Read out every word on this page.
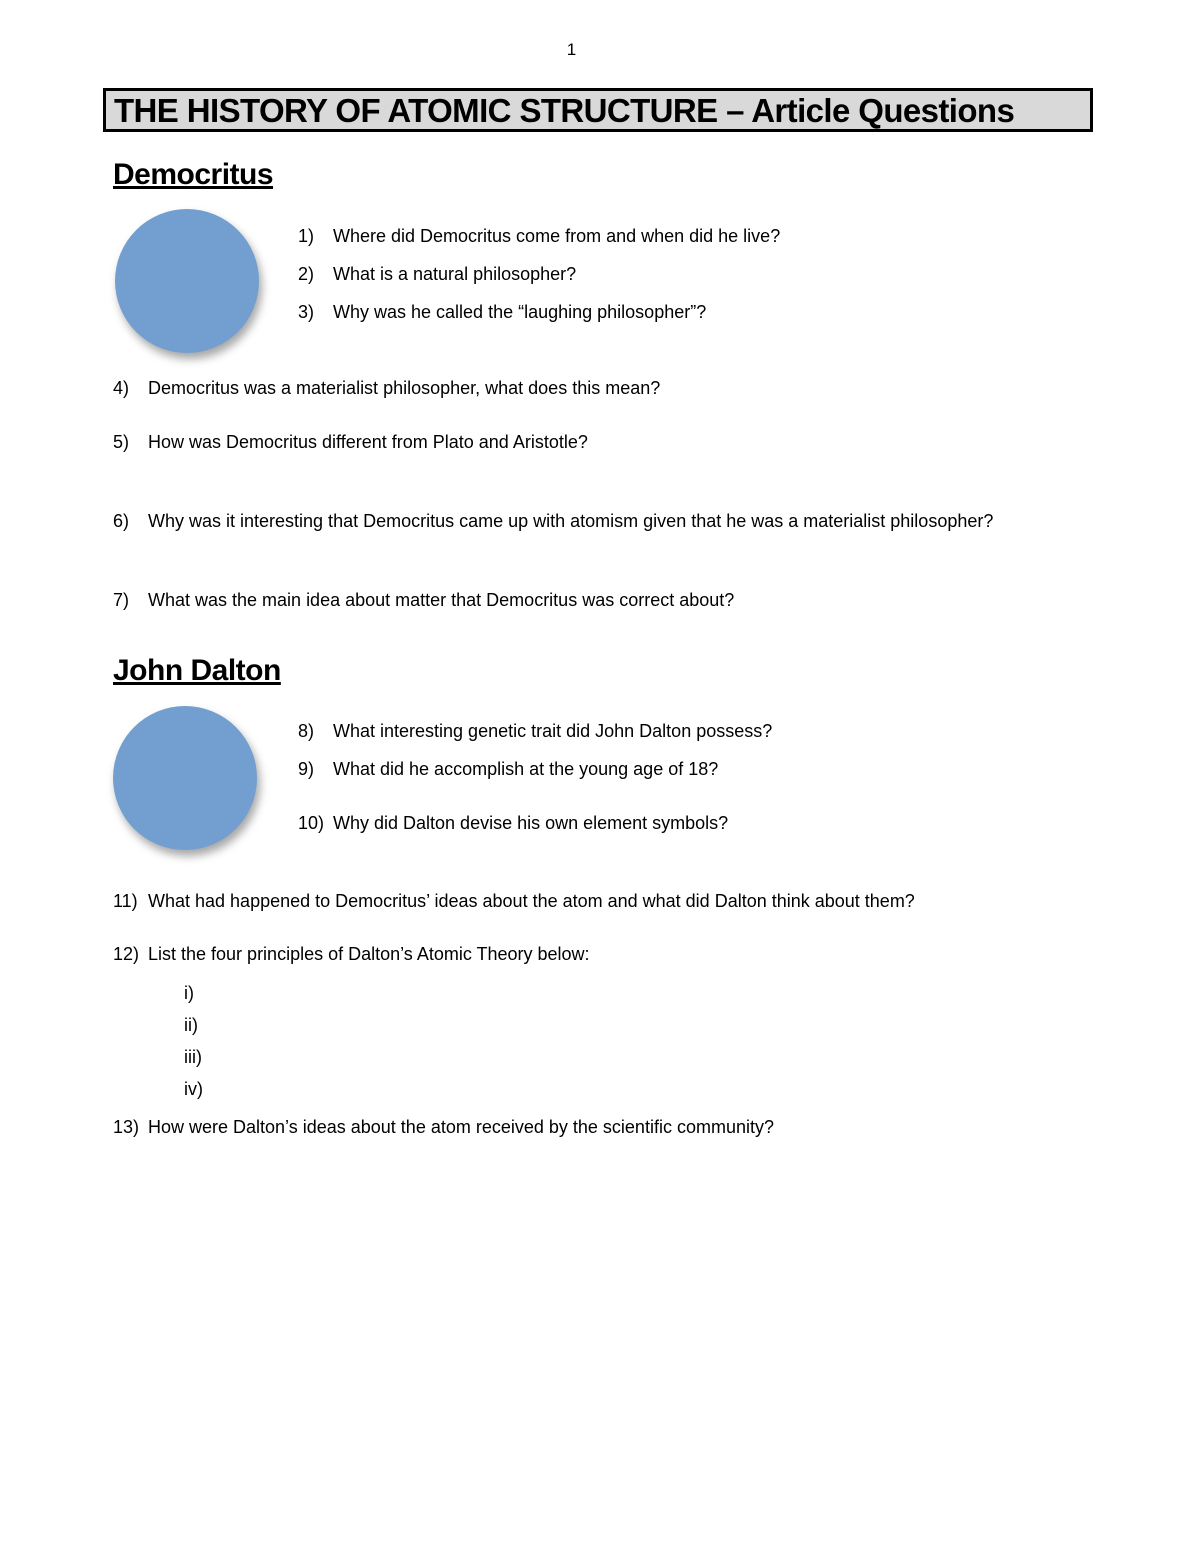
1
THE HISTORY OF ATOMIC STRUCTURE – Article Questions
Democritus
1)	Where did Democritus come from and when did he live?
2)	What is a natural philosopher?
3)	Why was he called the “laughing philosopher”?
4)	Democritus was a materialist philosopher, what does this mean?
5)	How was Democritus different from Plato and Aristotle?
6) Why was it interesting that Democritus came up with atomism given that he was a materialist philosopher?
7)	What was the main idea about matter that Democritus was correct about?
John Dalton
8)	What interesting genetic trait did John Dalton possess?
9)	What did he accomplish at the young age of 18?
10) Why did Dalton devise his own element symbols?
11) What had happened to Democritus’ ideas about the atom and what did Dalton think about them?
12) List the four principles of Dalton’s Atomic Theory below:
i)
ii)
iii)
iv)
13) How were Dalton’s ideas about the atom received by the scientific community?
